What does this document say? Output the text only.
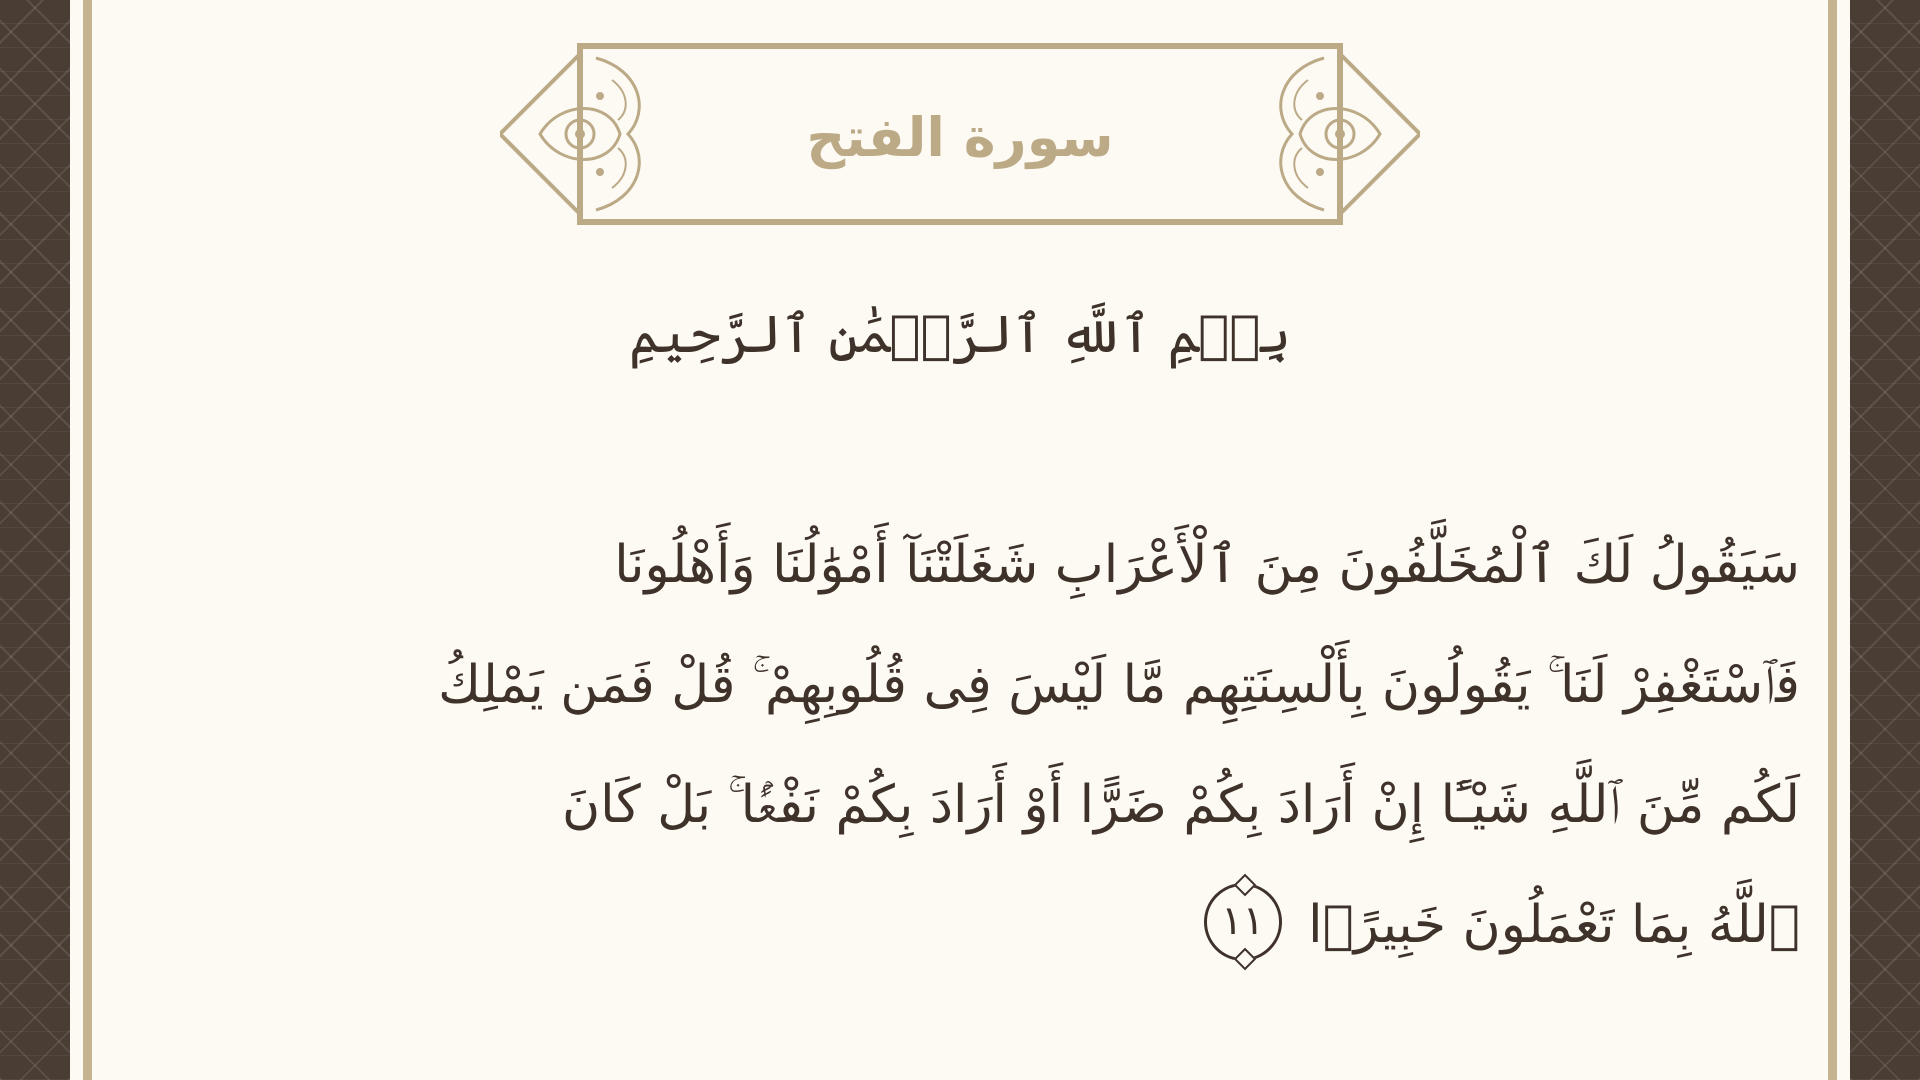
سورة الفتح
بِسۡمِ ٱللَّهِ ٱلرَّحۡمَٰنِ ٱلرَّحِيمِ
سَيَقُولُ لَكَ ٱلْمُخَلَّفُونَ مِنَ ٱلْأَعْرَابِ شَغَلَتْنَآ أَمْوَٰلُنَا وَأَهْلُونَا
فَٱسْتَغْفِرْ لَنَا ۚ يَقُولُونَ بِأَلْسِنَتِهِم مَّا لَيْسَ فِى قُلُوبِهِمْ ۚ قُلْ فَمَن يَمْلِكُ
لَكُم مِّنَ ٱللَّهِ شَيْـًٔا إِنْ أَرَادَ بِكُمْ ضَرًّا أَوْ أَرَادَ بِكُمْ نَفْعًۢا ۚ بَلْ كَانَ
ٱللَّهُ بِمَا تَعْمَلُونَ خَبِيرًۢا ١١
